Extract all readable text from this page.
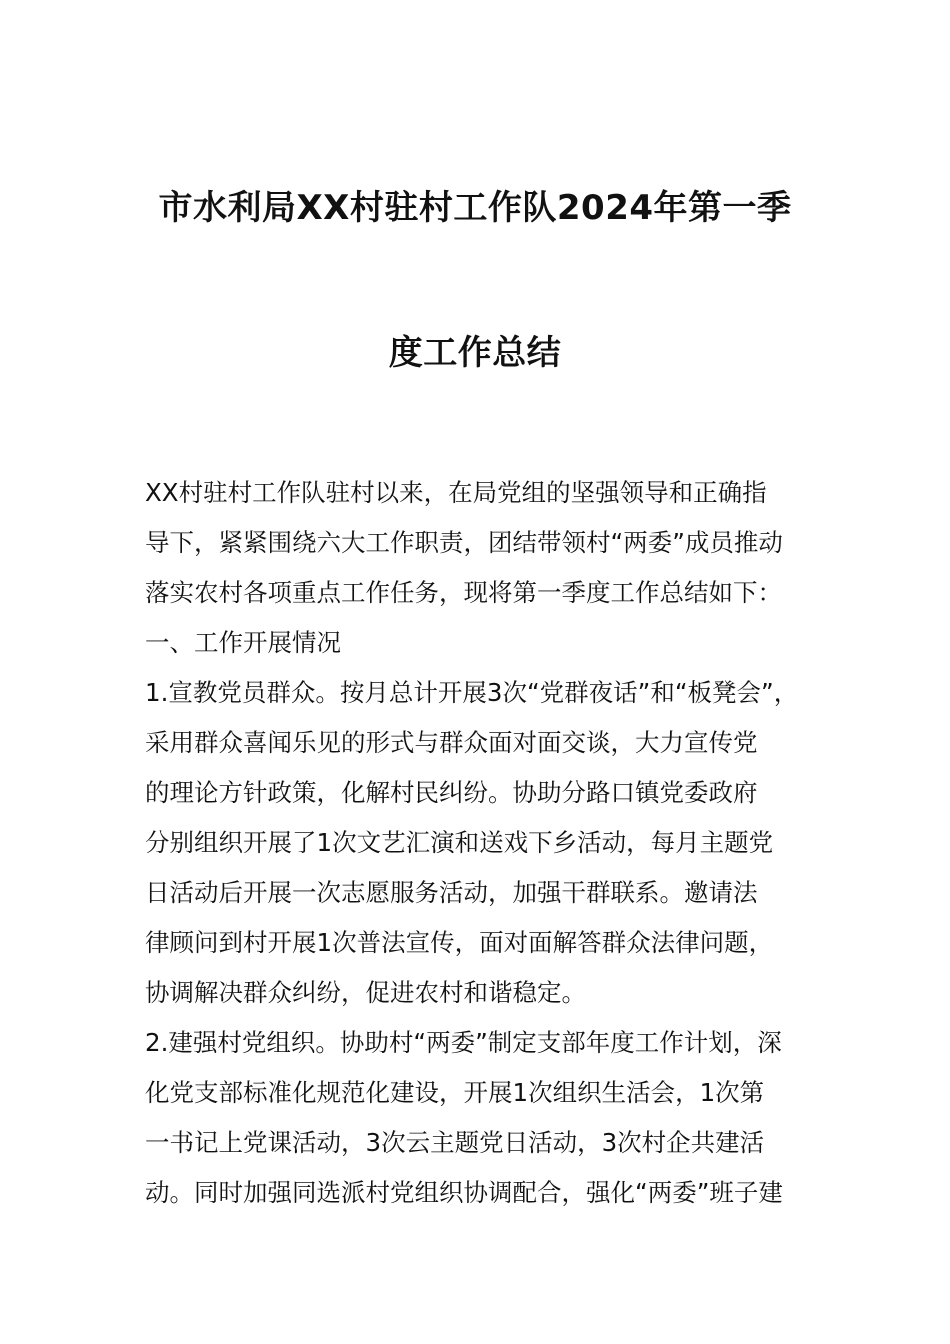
市水利局XX村驻村工作队2024年第一季
度工作总结
XX村驻村工作队驻村以来，在局党组的坚强领导和正确指
导下，紧紧围绕六大工作职责，团结带领村“两委”成员推动
落实农村各项重点工作任务，现将第一季度工作总结如下：
一、工作开展情况
1.宣教党员群众。按月总计开展3次“党群夜话”和“板凳会”，
采用群众喜闻乐见的形式与群众面对面交谈，大力宣传党
的理论方针政策，化解村民纠纷。协助分路口镇党委政府
分别组织开展了1次文艺汇演和送戏下乡活动，每月主题党
日活动后开展一次志愿服务活动，加强干群联系。邀请法
律顾问到村开展1次普法宣传，面对面解答群众法律问题，
协调解决群众纠纷，促进农村和谐稳定。
2.建强村党组织。协助村“两委”制定支部年度工作计划，深
化党支部标准化规范化建设，开展1次组织生活会，1次第
一书记上党课活动，3次云主题党日活动，3次村企共建活
动。同时加强同选派村党组织协调配合，强化“两委”班子建
